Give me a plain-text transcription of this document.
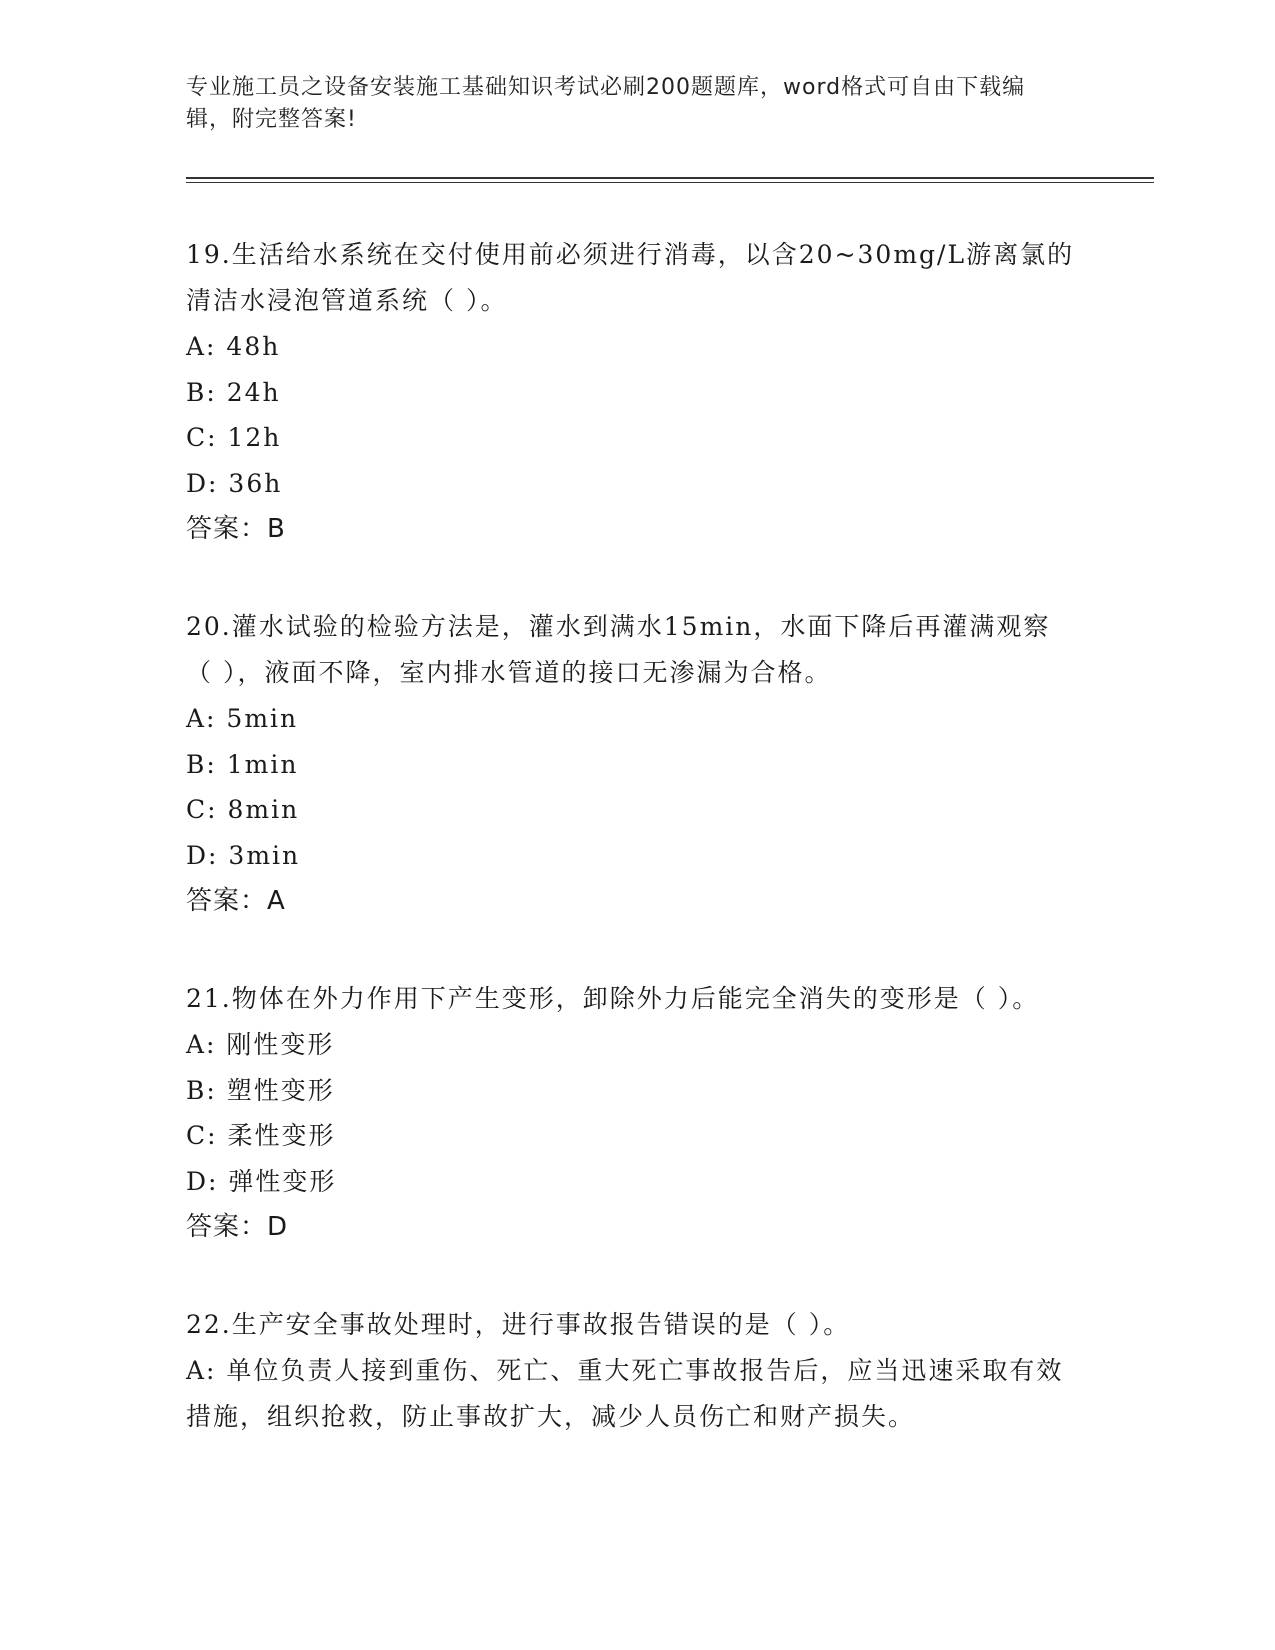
专业施工员之设备安装施工基础知识考试必刷200题题库，word格式可自由下载编辑，附完整答案!

19.生活给水系统在交付使用前必须进行消毒，以含20~30mg/L游离氯的清洁水浸泡管道系统（ ）。

A: 48h

B: 24h

C: 12h

D: 36h

答案：B

20.灌水试验的检验方法是，灌水到满水15min，水面下降后再灌满观察（ ），液面不降，室内排水管道的接口无渗漏为合格。

A: 5min

B: 1min

C: 8min

D: 3min

答案：A

21.物体在外力作用下产生变形，卸除外力后能完全消失的变形是（ ）。

A: 刚性变形

B: 塑性变形

C: 柔性变形

D: 弹性变形

答案：D

22.生产安全事故处理时，进行事故报告错误的是（ ）。

A: 单位负责人接到重伤、死亡、重大死亡事故报告后，应当迅速采取有效措施，组织抢救，防止事故扩大，减少人员伤亡和财产损失。
